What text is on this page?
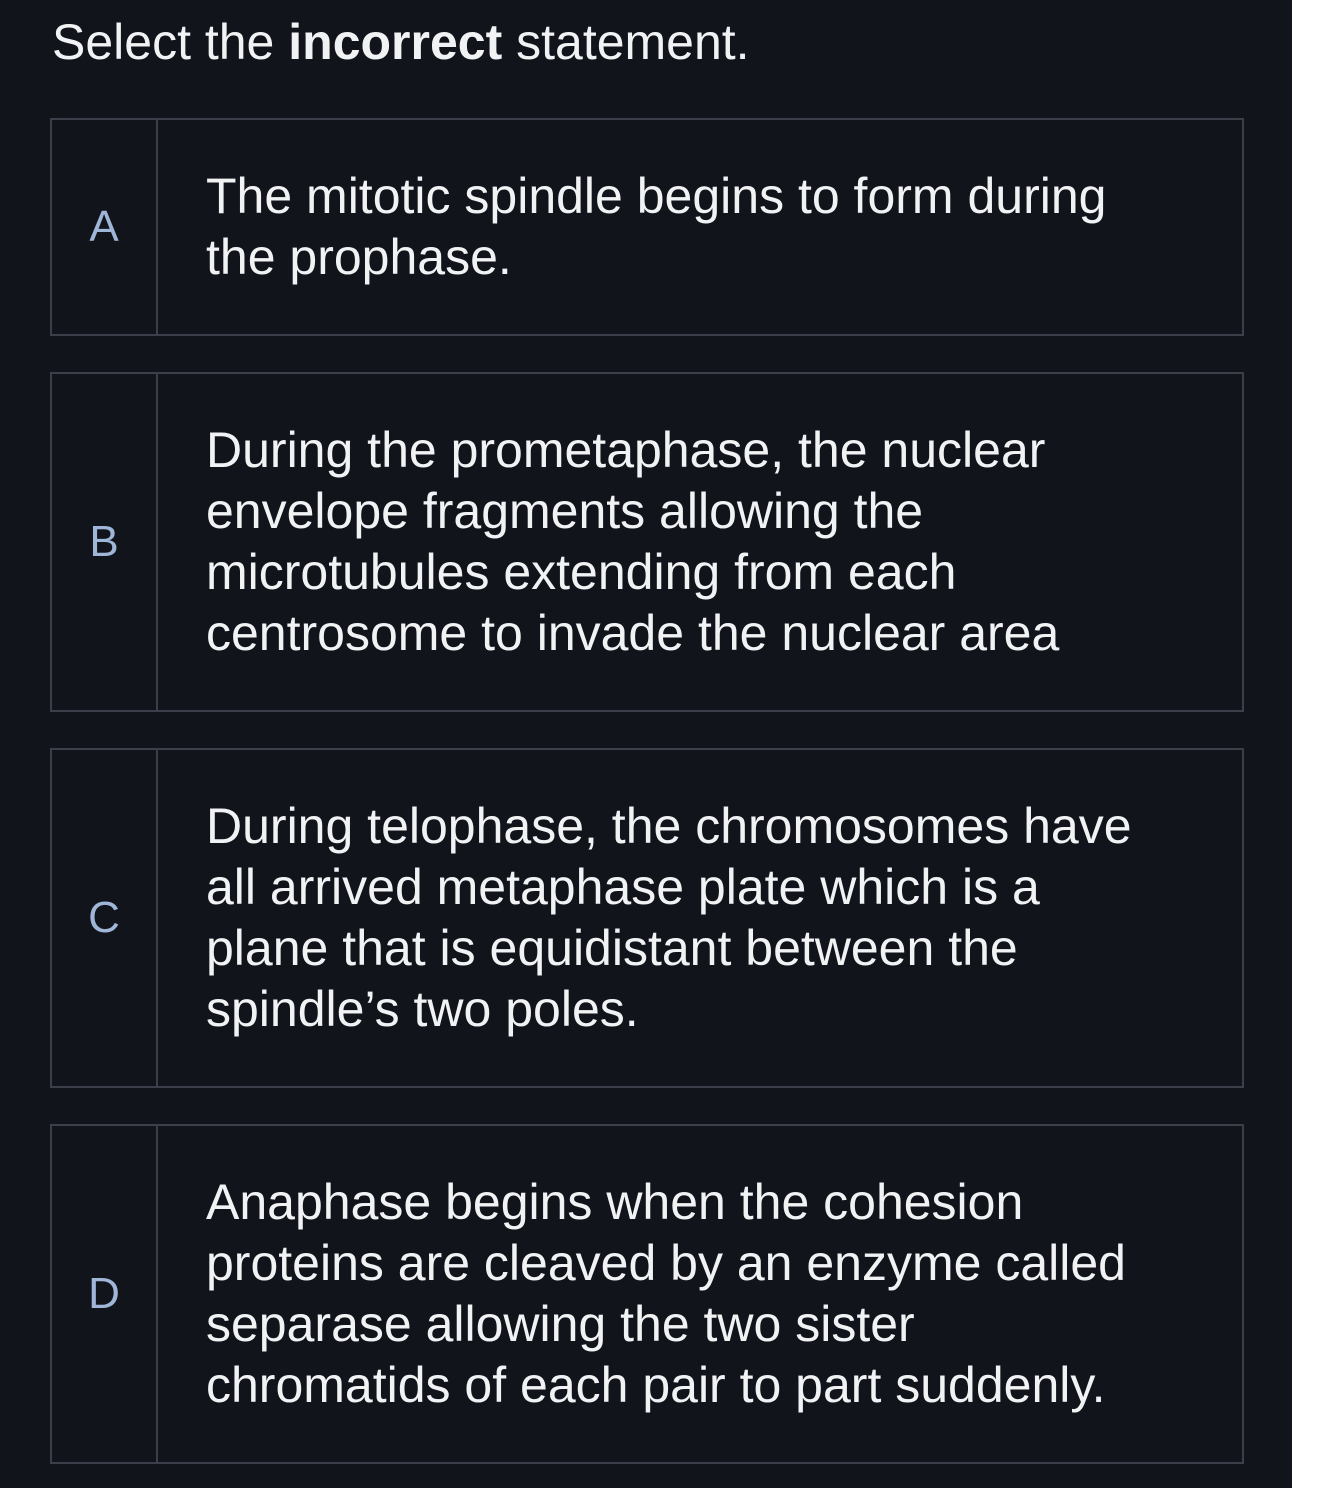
Select the incorrect statement.
A
The mitotic spindle begins to form during
the prophase.
B
During the prometaphase, the nuclear
envelope fragments allowing the
microtubules extending from each
centrosome to invade the nuclear area
C
During telophase, the chromosomes have
all arrived metaphase plate which is a
plane that is equidistant between the
spindle’s two poles.
D
Anaphase begins when the cohesion
proteins are cleaved by an enzyme called
separase allowing the two sister
chromatids of each pair to part suddenly.
